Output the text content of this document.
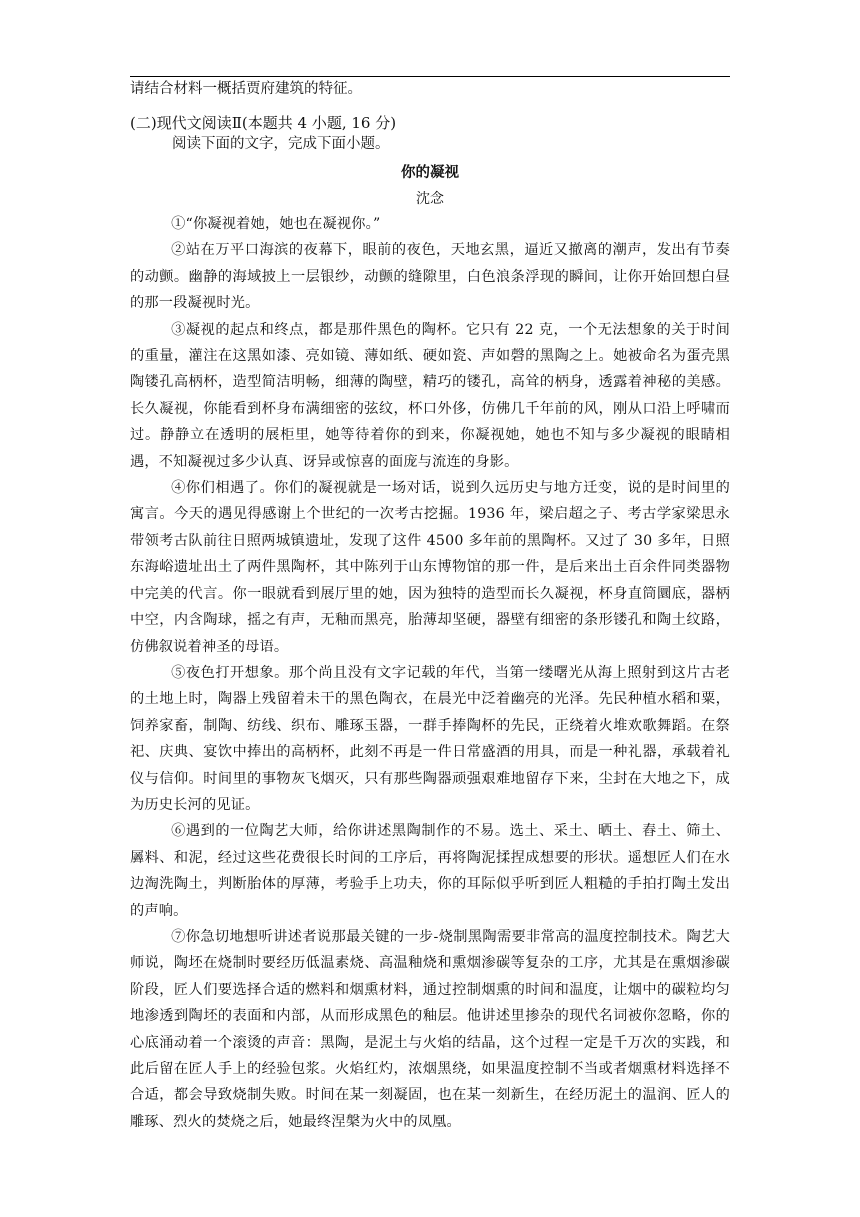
请结合材料一概括贾府建筑的特征。
(二)现代文阅读Ⅱ(本题共 4 小题, 16 分)
阅读下面的文字，完成下面小题。
你的凝视
沈念

①“你凝视着她，她也在凝视你。”

②站在万平口海滨的夜幕下，眼前的夜色，天地玄黑，逼近又撤离的潮声，发出有节奏的动颤。幽静的海域披上一层银纱，动颤的缝隙里，白色浪条浮现的瞬间，让你开始回想白昼的那一段凝视时光。

③凝视的起点和终点，都是那件黑色的陶杯。它只有 22 克，一个无法想象的关于时间的重量，灌注在这黑如漆、亮如镜、薄如纸、硬如瓷、声如磬的黑陶之上。她被命名为蛋壳黑陶镂孔高柄杯，造型简洁明畅，细薄的陶壁，精巧的镂孔，高耸的柄身，透露着神秘的美感。长久凝视，你能看到杯身布满细密的弦纹，杯口外侈，仿佛几千年前的风，刚从口沿上呼啸而过。静静立在透明的展柜里，她等待着你的到来，你凝视她，她也不知与多少凝视的眼睛相遇，不知凝视过多少认真、讶异或惊喜的面庞与流连的身影。

④你们相遇了。你们的凝视就是一场对话，说到久远历史与地方迁变，说的是时间里的寓言。今天的遇见得感谢上个世纪的一次考古挖掘。1936 年，梁启超之子、考古学家梁思永带领考古队前往日照两城镇遗址，发现了这件 4500 多年前的黑陶杯。又过了 30 多年，日照东海峪遗址出土了两件黑陶杯，其中陈列于山东博物馆的那一件，是后来出土百余件同类器物中完美的代言。你一眼就看到展厅里的她，因为独特的造型而长久凝视，杯身直筒圜底，器柄中空，内含陶球，摇之有声，无釉而黑亮，胎薄却坚硬，器壁有细密的条形镂孔和陶土纹路，仿佛叙说着神圣的母语。

⑤夜色打开想象。那个尚且没有文字记载的年代，当第一缕曙光从海上照射到这片古老的土地上时，陶器上残留着未干的黑色陶衣，在晨光中泛着幽亮的光泽。先民种植水稻和粟，饲养家畜，制陶、纺线、织布、雕琢玉器，一群手捧陶杯的先民，正绕着火堆欢歌舞蹈。在祭祀、庆典、宴饮中捧出的高柄杯，此刻不再是一件日常盛酒的用具，而是一种礼器，承载着礼仪与信仰。时间里的事物灰飞烟灭，只有那些陶器顽强艰难地留存下来，尘封在大地之下，成为历史长河的见证。

⑥遇到的一位陶艺大师，给你讲述黑陶制作的不易。选土、采土、晒土、舂土、筛土、羼料、和泥，经过这些花费很长时间的工序后，再将陶泥揉捏成想要的形状。遥想匠人们在水边淘洗陶土，判断胎体的厚薄，考验手上功夫，你的耳际似乎听到匠人粗糙的手拍打陶土发出的声响。

⑦你急切地想听讲述者说那最关键的一步-烧制黑陶需要非常高的温度控制技术。陶艺大师说，陶坯在烧制时要经历低温素烧、高温釉烧和熏烟渗碳等复杂的工序，尤其是在熏烟渗碳阶段，匠人们要选择合适的燃料和烟熏材料，通过控制烟熏的时间和温度，让烟中的碳粒均匀地渗透到陶坯的表面和内部，从而形成黑色的釉层。他讲述里掺杂的现代名词被你忽略，你的心底涌动着一个滚烫的声音：黑陶，是泥土与火焰的结晶，这个过程一定是千万次的实践，和此后留在匠人手上的经验包浆。火焰红灼，浓烟黑绕，如果温度控制不当或者烟熏材料选择不合适，都会导致烧制失败。时间在某一刻凝固，也在某一刻新生，在经历泥土的温润、匠人的雕琢、烈火的焚烧之后，她最终涅槃为火中的凤凰。
